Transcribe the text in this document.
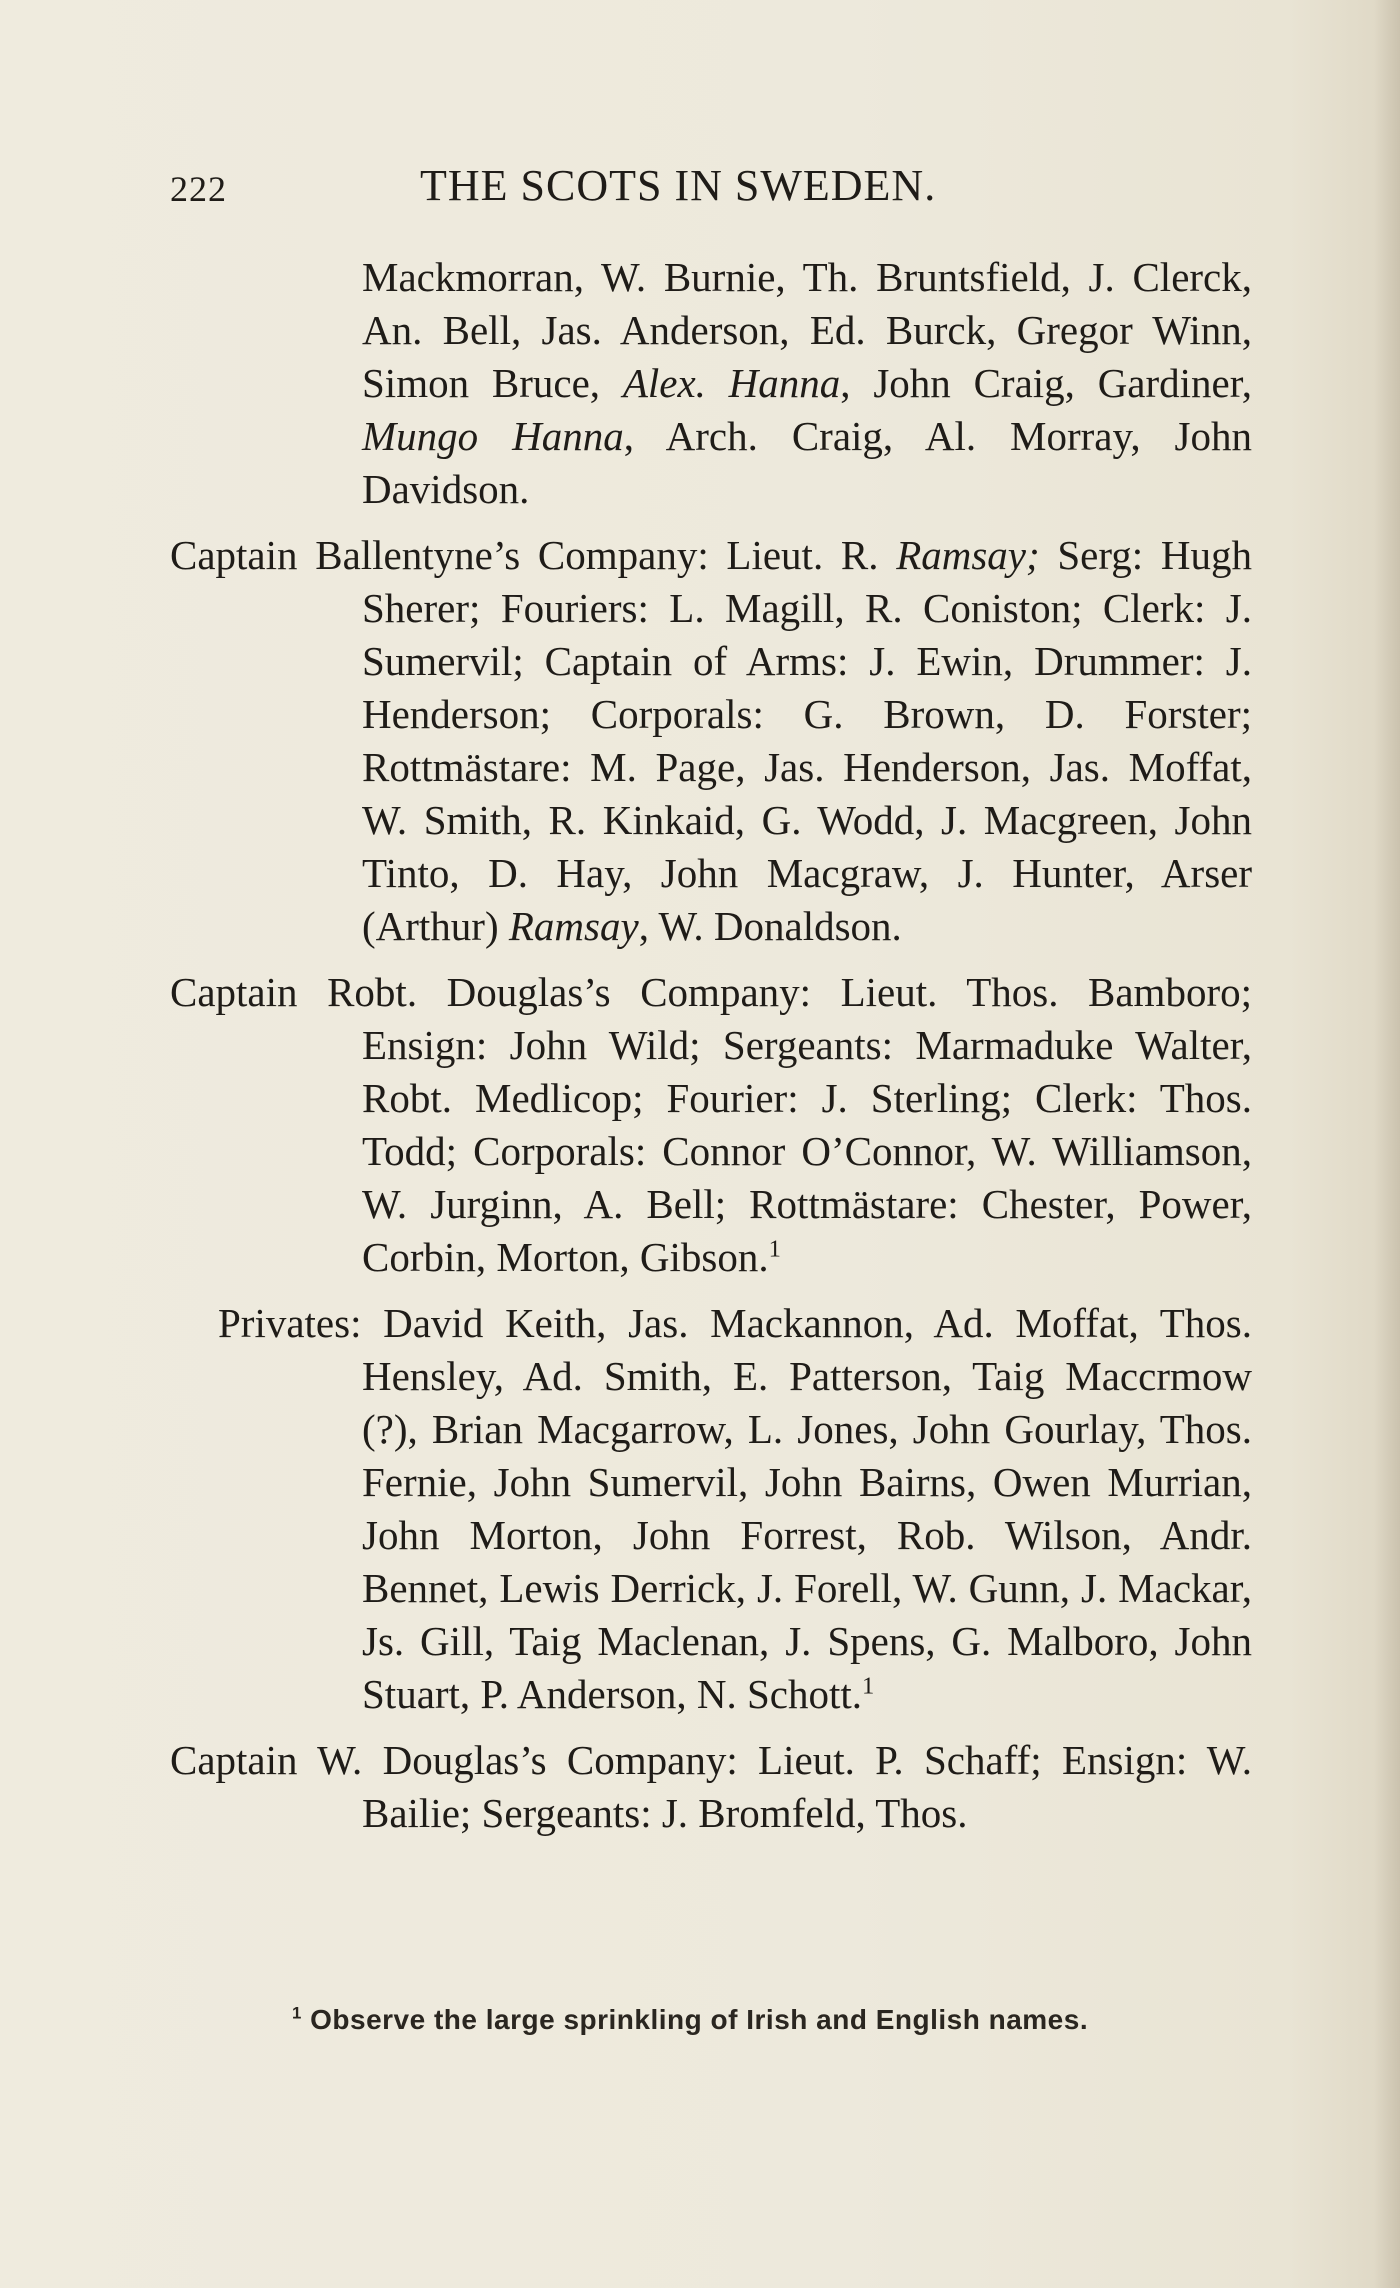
222	THE SCOTS IN SWEDEN.

Mackmorran, W. Burnie, Th. Bruntsfield, J. Clerck, An. Bell, Jas. Anderson, Ed. Burck, Gregor Winn, Simon Bruce, Alex. Hanna, John Craig, Gardiner, Mungo Hanna, Arch. Craig, Al. Morray, John Davidson.

Captain Ballentyne’s Company: Lieut. R. Ramsay; Serg: Hugh Sherer; Fouriers: L. Magill, R. Coniston; Clerk: J. Sumervil; Captain of Arms: J. Ewin, Drummer: J. Henderson; Corporals: G. Brown, D. Forster; Rottmästare: M. Page, Jas. Henderson, Jas. Moffat, W. Smith, R. Kinkaid, G. Wodd, J. Macgreen, John Tinto, D. Hay, John Macgraw, J. Hunter, Arser (Arthur) Ramsay, W. Donaldson.

Captain Robt. Douglas’s Company: Lieut. Thos. Bamboro; Ensign: John Wild; Sergeants: Marmaduke Walter, Robt. Medlicop; Fourier: J. Sterling; Clerk: Thos. Todd; Corporals: Connor O’Connor, W. Williamson, W. Jurginn, A. Bell; Rottmästare: Chester, Power, Corbin, Morton, Gibson.$^1$

Privates: David Keith, Jas. Mackannon, Ad. Moffat, Thos. Hensley, Ad. Smith, E. Patterson, Taig Maccrmow (?), Brian Macgarrow, L. Jones, John Gourlay, Thos. Fernie, John Sumervil, John Bairns, Owen Murrian, John Morton, John Forrest, Rob. Wilson, Andr. Bennet, Lewis Derrick, J. Forell, W. Gunn, J. Mackar, Js. Gill, Taig Maclenan, J. Spens, G. Malboro, John Stuart, P. Anderson, N. Schott.$^1$

Captain W. Douglas’s Company: Lieut. P. Schaff; Ensign: W. Bailie; Sergeants: J. Bromfeld, Thos.

$^1$ Observe the large sprinkling of Irish and English names.
